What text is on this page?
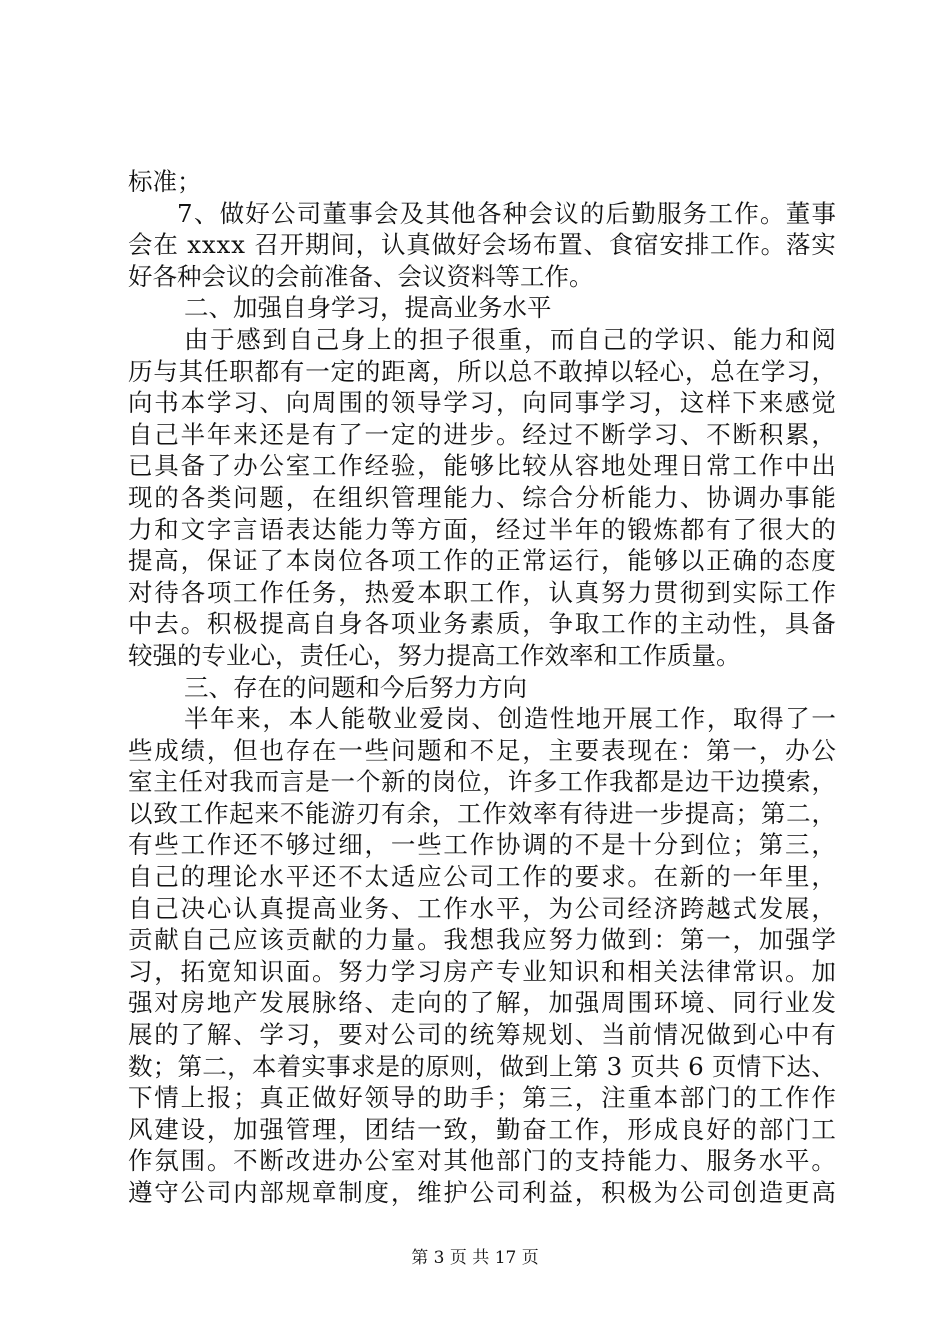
标准；
7 、 做 好 公 司 董 事 会 及 其 他 各 种 会 议 的 后 勤 服 务 工 作 。 董 事
会 在
x x x x
召 开 期 间 ， 认 真 做 好 会 场 布 置 、 食 宿 安 排 工 作 。 落 实
好各种会议的会前准备、会议资料等工作。
二、加强自身学习，提高业务水平
由 于 感 到 自 己 身 上 的 担 子 很 重 ， 而 自 己 的 学 识 、 能 力 和 阅
历 与 其 任 职 都 有 一 定 的 距 离 ， 所 以 总 不 敢 掉 以 轻 心 ， 总 在 学 习 ，
向 书 本 学 习 、 向 周 围 的 领 导 学 习 ， 向 同 事 学 习 ， 这 样 下 来 感 觉
自 己 半 年 来 还 是 有 了 一 定 的 进 步 。 经 过 不 断 学 习 、 不 断 积 累 ，
已 具 备 了 办 公 室 工 作 经 验 ， 能 够 比 较 从 容 地 处 理 日 常 工 作 中 出
现 的 各 类 问 题 ， 在 组 织 管 理 能 力 、 综 合 分 析 能 力 、 协 调 办 事 能
力 和 文 字 言 语 表 达 能 力 等 方 面 ， 经 过 半 年 的 锻 炼 都 有 了 很 大 的
提 高 ， 保 证 了 本 岗 位 各 项 工 作 的 正 常 运 行 ， 能 够 以 正 确 的 态 度
对 待 各 项 工 作 任 务 ， 热 爱 本 职 工 作 ， 认 真 努 力 贯 彻 到 实 际 工 作
中 去 。 积 极 提 高 自 身 各 项 业 务 素 质 ， 争 取 工 作 的 主 动 性 ， 具 备
较强的专业心，责任心，努力提高工作效率和工作质量。
三、存在的问题和今后努力方向
半 年 来 ， 本 人 能 敬 业 爱 岗 、 创 造 性 地 开 展 工 作 ， 取 得 了 一
些 成 绩 ， 但 也 存 在 一 些 问 题 和 不 足 ， 主 要 表 现 在 ： 第 一 ， 办 公
室 主 任 对 我 而 言 是 一 个 新 的 岗 位 ， 许 多 工 作 我 都 是 边 干 边 摸 索 ，
以 致 工 作 起 来 不 能 游 刃 有 余 ， 工 作 效 率 有 待 进 一 步 提 高 ； 第 二 ，
有 些 工 作 还 不 够 过 细 ， 一 些 工 作 协 调 的 不 是 十 分 到 位 ； 第 三 ，
自 己 的 理 论 水 平 还 不 太 适 应 公 司 工 作 的 要 求 。 在 新 的 一 年 里 ，
自 己 决 心 认 真 提 高 业 务 、 工 作 水 平 ， 为 公 司 经 济 跨 越 式 发 展 ，
贡 献 自 己 应 该 贡 献 的 力 量 。 我 想 我 应 努 力 做 到 ： 第 一 ， 加 强 学
习 ， 拓 宽 知 识 面 。 努 力 学 习 房 产 专 业 知 识 和 相 关 法 律 常 识 。 加
强 对 房 地 产 发 展 脉 络 、 走 向 的 了 解 ， 加 强 周 围 环 境 、 同 行 业 发
展 的 了 解 、 学 习 ， 要 对 公 司 的 统 筹 规 划 、 当 前 情 况 做 到 心 中 有
数 ； 第 二 ， 本 着 实 事 求 是 的 原 则 ， 做 到 上 第
3
页 共
6
页 情 下 达 、
下 情 上 报 ； 真 正 做 好 领 导 的 助 手 ； 第 三 ， 注 重 本 部 门 的 工 作 作
风 建 设 ， 加 强 管 理 ， 团 结 一 致 ， 勤 奋 工 作 ， 形 成 良 好 的 部 门 工
作 氛 围 。 不 断 改 进 办 公 室 对 其 他 部 门 的 支 持 能 力 、 服 务 水 平 。
遵 守 公 司 内 部 规 章 制 度 ， 维 护 公 司 利 益 ， 积 极 为 公 司 创 造 更 高
第 3 页 共 17 页
